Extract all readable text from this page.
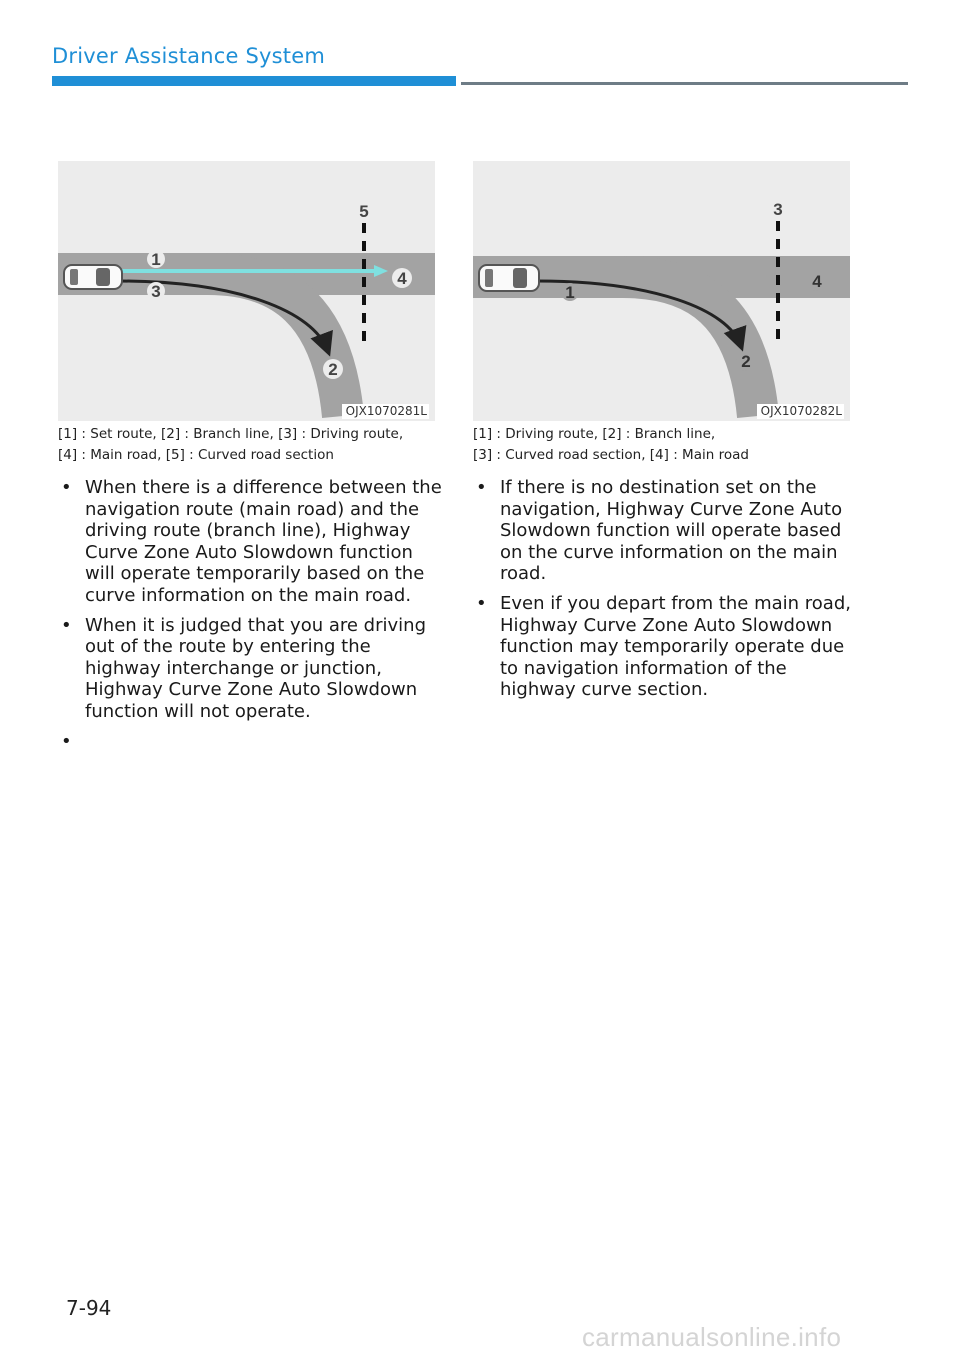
Driver Assistance System
1
3
4
5
2
OJX1070281L
1
3
4
2
OJX1070282L
[1] : Set route, [2] : Branch line, [3] : Driving route,
[4] : Main road, [5] : Curved road section
[1] : Driving route, [2] : Branch line,
[3] : Curved road section, [4] : Main road
• When there is a difference between the navigation route (main road) and the driving route (branch line), Highway Curve Zone Auto Slowdown function will operate temporarily based on the curve information on the main road.
• When it is judged that you are driving out of the route by entering the highway interchange or junction, Highway Curve Zone Auto Slowdown function will not operate.
•
• If there is no destination set on the navigation, Highway Curve Zone Auto Slowdown function will operate based on the curve information on the main road.
• Even if you depart from the main road, Highway Curve Zone Auto Slowdown function may temporarily operate due to navigation information of the highway curve section.
7-94
carmanualsonline.info
